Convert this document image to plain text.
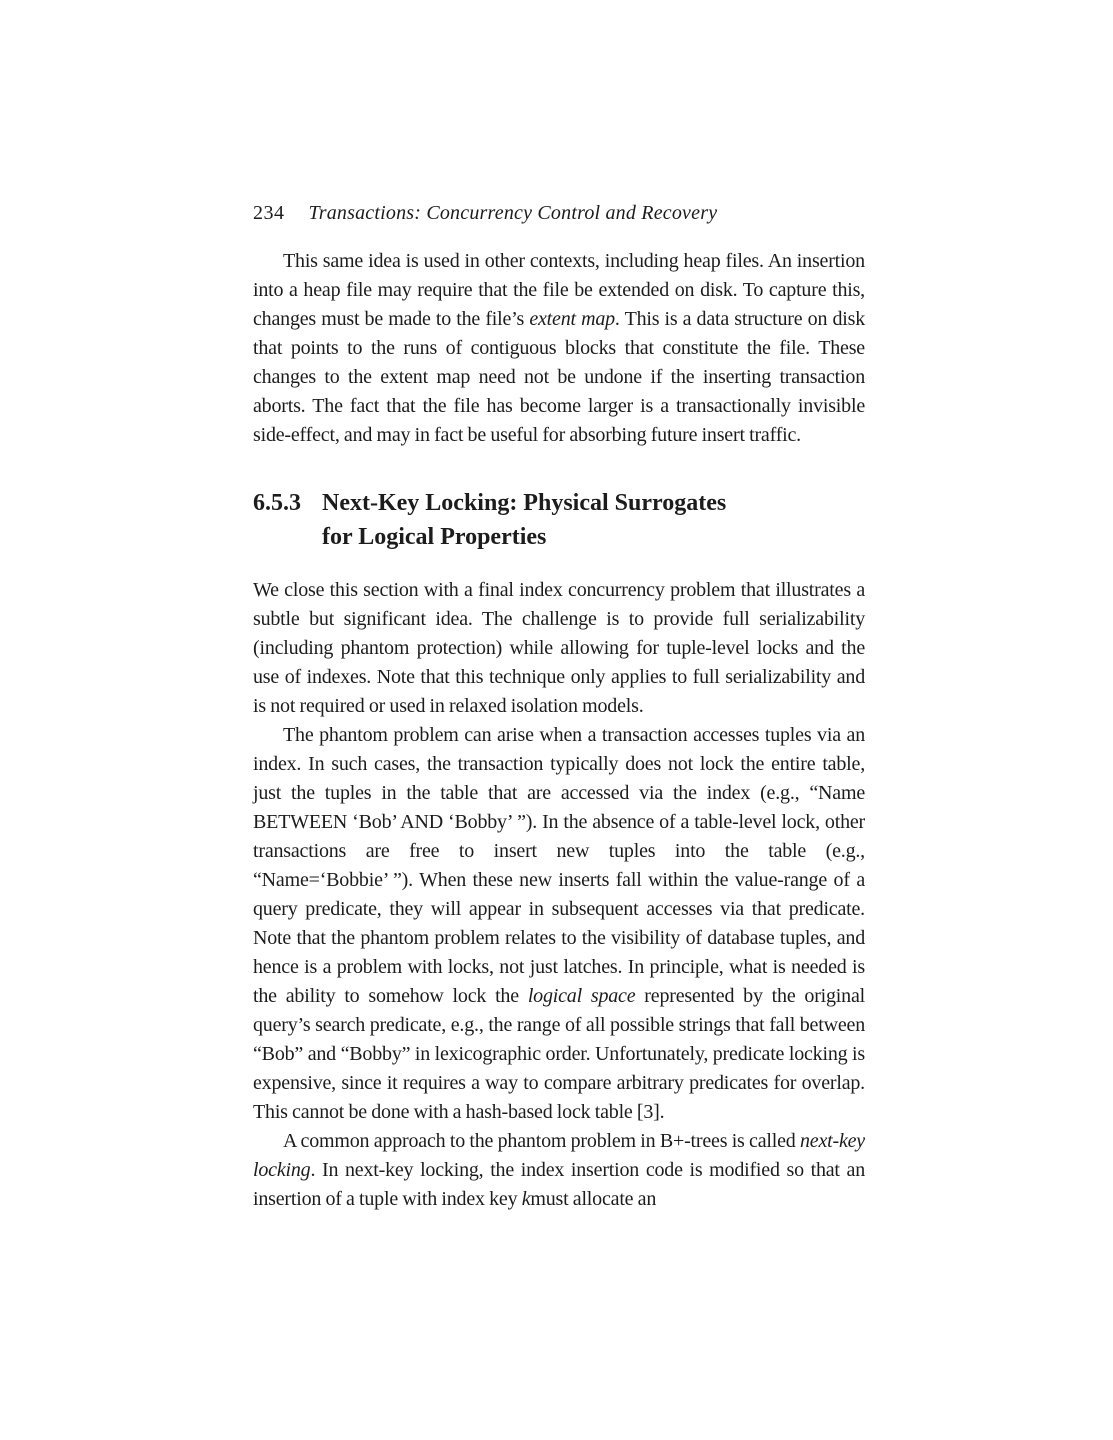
234 Transactions: Concurrency Control and Recovery

This same idea is used in other contexts, including heap files. An insertion into a heap file may require that the file be extended on disk. To capture this, changes must be made to the file’s extent map. This is a data structure on disk that points to the runs of contiguous blocks that constitute the file. These changes to the extent map need not be undone if the inserting transaction aborts. The fact that the file has become larger is a transactionally invisible side-effect, and may in fact be useful for absorbing future insert traffic.

6.5.3 Next-Key Locking: Physical Surrogates
for Logical Properties

We close this section with a final index concurrency problem that illustrates a subtle but significant idea. The challenge is to provide full serializability (including phantom protection) while allowing for tuple-level locks and the use of indexes. Note that this technique only applies to full serializability and is not required or used in relaxed isolation models.

The phantom problem can arise when a transaction accesses tuples via an index. In such cases, the transaction typically does not lock the entire table, just the tuples in the table that are accessed via the index (e.g., “Name BETWEEN ‘Bob’ AND ‘Bobby’ ”). In the absence of a table-level lock, other transactions are free to insert new tuples into the table (e.g., “Name=‘Bobbie’ ”). When these new inserts fall within the value-range of a query predicate, they will appear in subsequent accesses via that predicate. Note that the phantom problem relates to the visibility of database tuples, and hence is a problem with locks, not just latches. In principle, what is needed is the ability to somehow lock the logical space represented by the original query’s search predicate, e.g., the range of all possible strings that fall between “Bob” and “Bobby” in lexicographic order. Unfortunately, predicate locking is expensive, since it requires a way to compare arbitrary predicates for overlap. This cannot be done with a hash-based lock table [3].

A common approach to the phantom problem in B+-trees is called next-key locking. In next-key locking, the index insertion code is modified so that an insertion of a tuple with index key kmust allocate an
